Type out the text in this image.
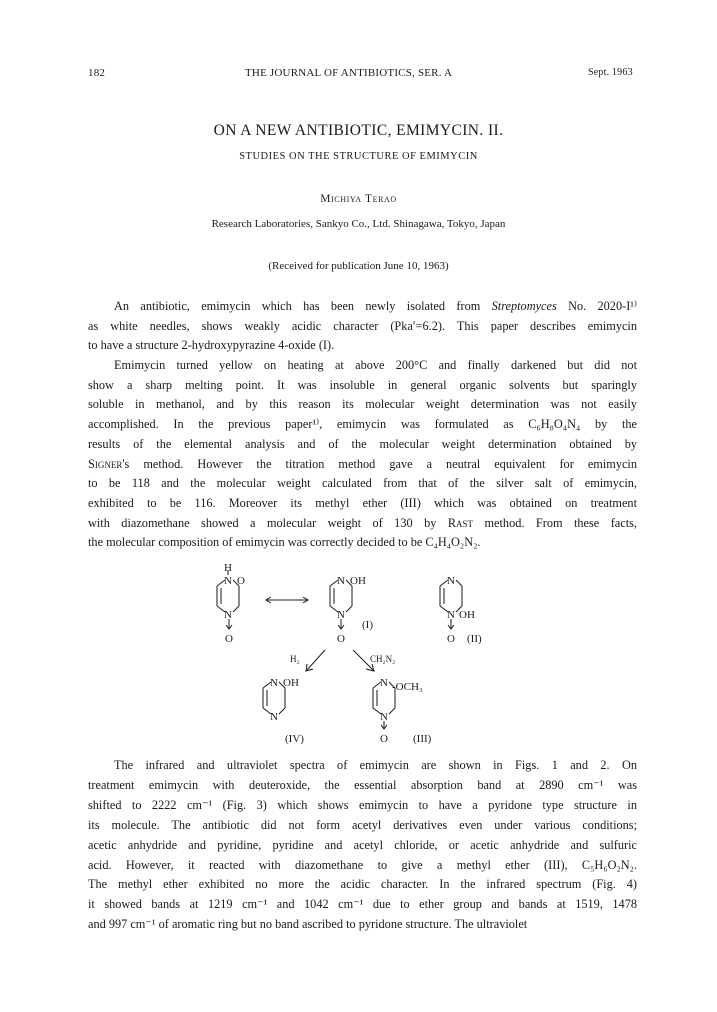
182	THE JOURNAL OF ANTIBIOTICS, SER. A	Sept. 1963
ON A NEW ANTIBIOTIC, EMIMYCIN. II.
STUDIES ON THE STRUCTURE OF EMIMYCIN
Michiya Terao
Research Laboratories, Sankyo Co., Ltd. Shinagawa, Tokyo, Japan
(Received for publication June 10, 1963)
An antibiotic, emimycin which has been newly isolated from Streptomyces No. 2020-I¹⁾
as white needles, shows weakly acidic character (Pka′=6.2). This paper describes emimycin
to have a structure 2-hydroxypyrazine 4-oxide (I).
Emimycin turned yellow on heating at above 200°C and finally darkened but did not
show a sharp melting point. It was insoluble in general organic solvents but sparingly
soluble in methanol, and by this reason its molecular weight determination was not easily
accomplished. In the previous paper¹⁾, emimycin was formulated as C₆H₈O₄N₄ by the
results of the elemental analysis and of the molecular weight determination obtained by
Signer's method. However the titration method gave a neutral equivalent for emimycin
to be 118 and the molecular weight calculated from that of the silver salt of emimycin,
exhibited to be 116. Moreover its methyl ether (III) which was obtained on treatment
with diazomethane showed a molecular weight of 130 by Rast method. From these facts,
the molecular composition of emimycin was correctly decided to be C₄H₄O₂N₂.
H
N O
N
O
N OH
N
O
(I)
N
N OH
O (II)
H₂	CH₂N₂
N OH
N
(IV)
N -OCH₃
N
O (III)
The infrared and ultraviolet spectra of emimycin are shown in Figs. 1 and 2. On
treatment emimycin with deuteroxide, the essential absorption band at 2890 cm⁻¹ was
shifted to 2222 cm⁻¹ (Fig. 3) which shows emimycin to have a pyridone type structure in
its molecule. The antibiotic did not form acetyl derivatives even under various conditions;
acetic anhydride and pyridine, pyridine and acetyl chloride, or acetic anhydride and sulfuric
acid. However, it reacted with diazomethane to give a methyl ether (III), C₅H₆O₂N₂.
The methyl ether exhibited no more the acidic character. In the infrared spectrum (Fig. 4)
it showed bands at 1219 cm⁻¹ and 1042 cm⁻¹ due to ether group and bands at 1519, 1478
and 997 cm⁻¹ of aromatic ring but no band ascribed to pyridone structure. The ultraviolet
